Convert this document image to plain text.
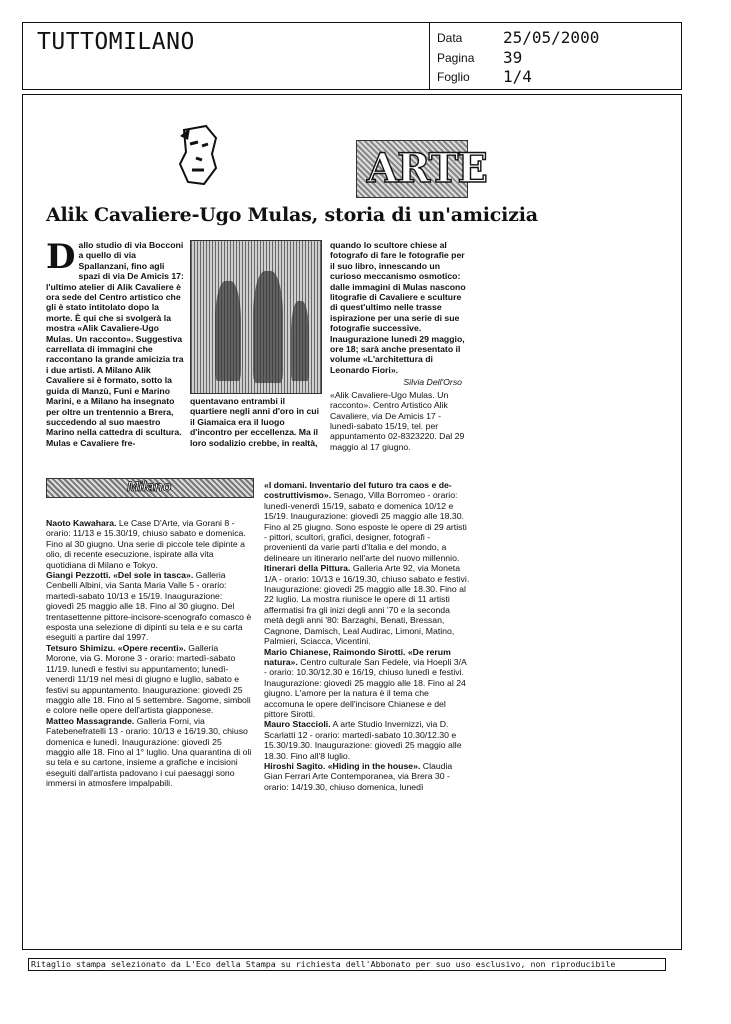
TUTTOMILANO	Data	25/05/2000
Pagina 39
Foglio 1/4
ARTE
Alik Cavaliere-Ugo Mulas, storia di un'amicizia
Dallo studio di via Bocconi a quello di via Spallanzani, fino agli spazi di via De Amicis 17: l'ultimo atelier di Alik Cavaliere è ora sede del Centro artistico che gli è stato intitolato dopo la morte. È qui che si svolgerà la mostra «Alik Cavaliere-Ugo Mulas. Un racconto». Suggestiva carrellata di immagini che raccontano la grande amicizia tra i due artisti. A Milano Alik Cavaliere si è formato, sotto la guida di Manzù, Funi e Marino Marini, e a Milano ha insegnato per oltre un trentennio a Brera, succedendo al suo maestro Marino nella cattedra di scultura. Mulas e Cavaliere fre-
quentavano entrambi il quartiere negli anni d'oro in cui il Giamaica era il luogo d'incontro per eccellenza. Ma il loro sodalizio crebbe, in realtà,

quando lo scultore chiese al fotografo di fare le fotografie per il suo libro, innescando un curioso meccanismo osmotico: dalle immagini di Mulas nascono litografie di Cavaliere e sculture di quest'ultimo nelle trasse ispirazione per una serie di sue fotografie successive. Inaugurazione lunedì 29 maggio, ore 18; sarà anche presentato il volume «L'architettura di Leonardo Fiori».

Silvia Dell'Orso

«Alik Cavaliere-Ugo Mulas. Un racconto». Centro Artistico Alik Cavaliere, via De Amicis 17 - lunedì-sabato 15/19, tel. per appuntamento 02-8323220. Dal 29 maggio al 17 giugno.

Milano

Naoto Kawahara. Le Case D'Arte, via Gorani 8 - orario: 11/13 e 15.30/19, chiuso sabato e domenica. Fino al 30 giugno. Una serie di piccole tele dipinte a olio, di recente esecuzione, ispirate alla vita quotidiana di Milano e Tokyo.

Giangi Pezzotti. «Del sole in tasca». Galleria Cenbelli Albini, via Santa Maria Valle 5 - orario: martedì-sabato 10/13 e 15/19. Inaugurazione: giovedì 25 maggio alle 18. Fino al 30 giugno. Del trentasettenne pittore-incisore-scenografo comasco è esposta una selezione di dipinti su tela e e su carta eseguiti a partire dal 1997.

Tetsuro Shimizu. «Opere recenti». Galleria Morone, via G. Morone 3 - orario: martedì-sabato 11/19. lunedì e festivi su appuntamento; lunedì-venerdì 11/19 nel mesi di giugno e luglio, sabato e festivi su appuntamento. Inaugurazione: giovedì 25 maggio alle 18. Fino al 5 settembre. Sagome, simboli e colore nelle opere dell'artista giapponese.

Matteo Massagrande. Galleria Forni, via Fatebenefratelli 13 - orario: 10/13 e 16/19.30, chiuso domenica e lunedì. Inaugurazione: giovedì 25 maggio alle 18. Fino al 1° luglio. Una quarantina di oli su tela e su cartone, insieme a grafiche e incisioni eseguiti dall'artista padovano i cui paesaggi sono immersi in atmosfere impalpabili.

«I domani. Inventario del futuro tra caos e de-costruttivismo». Senago, Villa Borromeo - orario: lunedì-venerdì 15/19, sabato e domenica 10/12 e 15/19. Inaugurazione: giovedì 25 maggio alle 18.30. Fino al 25 giugno. Sono esposte le opere di 29 artisti - pittori, scultori, grafici, designer, fotografi - provenienti da varie parti d'Italia e del mondo, a delineare un itinerario nell'arte del nuovo millennio.

Itinerari della Pittura. Galleria Arte 92, via Moneta 1/A - orario: 10/13 e 16/19.30, chiuso sabato e festivi. Inaugurazione: giovedì 25 maggio alle 18.30. Fino al 22 luglio. La mostra riunisce le opere di 11 artisti affermatisi fra gli inizi degli anni '70 e la seconda metà degli anni '80: Barzaghi, Benati, Bressan, Cagnone, Damisch, Leal Audirac, Limoni, Matino, Palmieri, Sciacca, Vicentini.

Mario Chianese, Raimondo Sirotti. «De rerum natura». Centro culturale San Fedele, via Hoepli 3/A - orario: 10.30/12.30 e 16/19, chiuso lunedì e festivi. Inaugurazione: giovedì 25 maggio alle 18. Fino al 24 giugno. L'amore per la natura è il tema che accomuna le opere dell'incisore Chianese e del pittore Sirotti.

Mauro Staccioli. A arte Studio Invernizzi, via D. Scarlatti 12 - orario: martedì-sabato 10.30/12.30 e 15.30/19.30. Inaugurazione: giovedì 25 maggio alle 18.30. Fino all'8 luglio.

Hiroshi Sagito. «Hiding in the house». Claudia Gian Ferrari Arte Contemporanea, via Brera 30 - orario: 14/19.30, chiuso domenica, lunedì

Ritaglio stampa selezionato da L'Eco della Stampa su richiesta dell'Abbonato per suo uso esclusivo, non riproducibile
